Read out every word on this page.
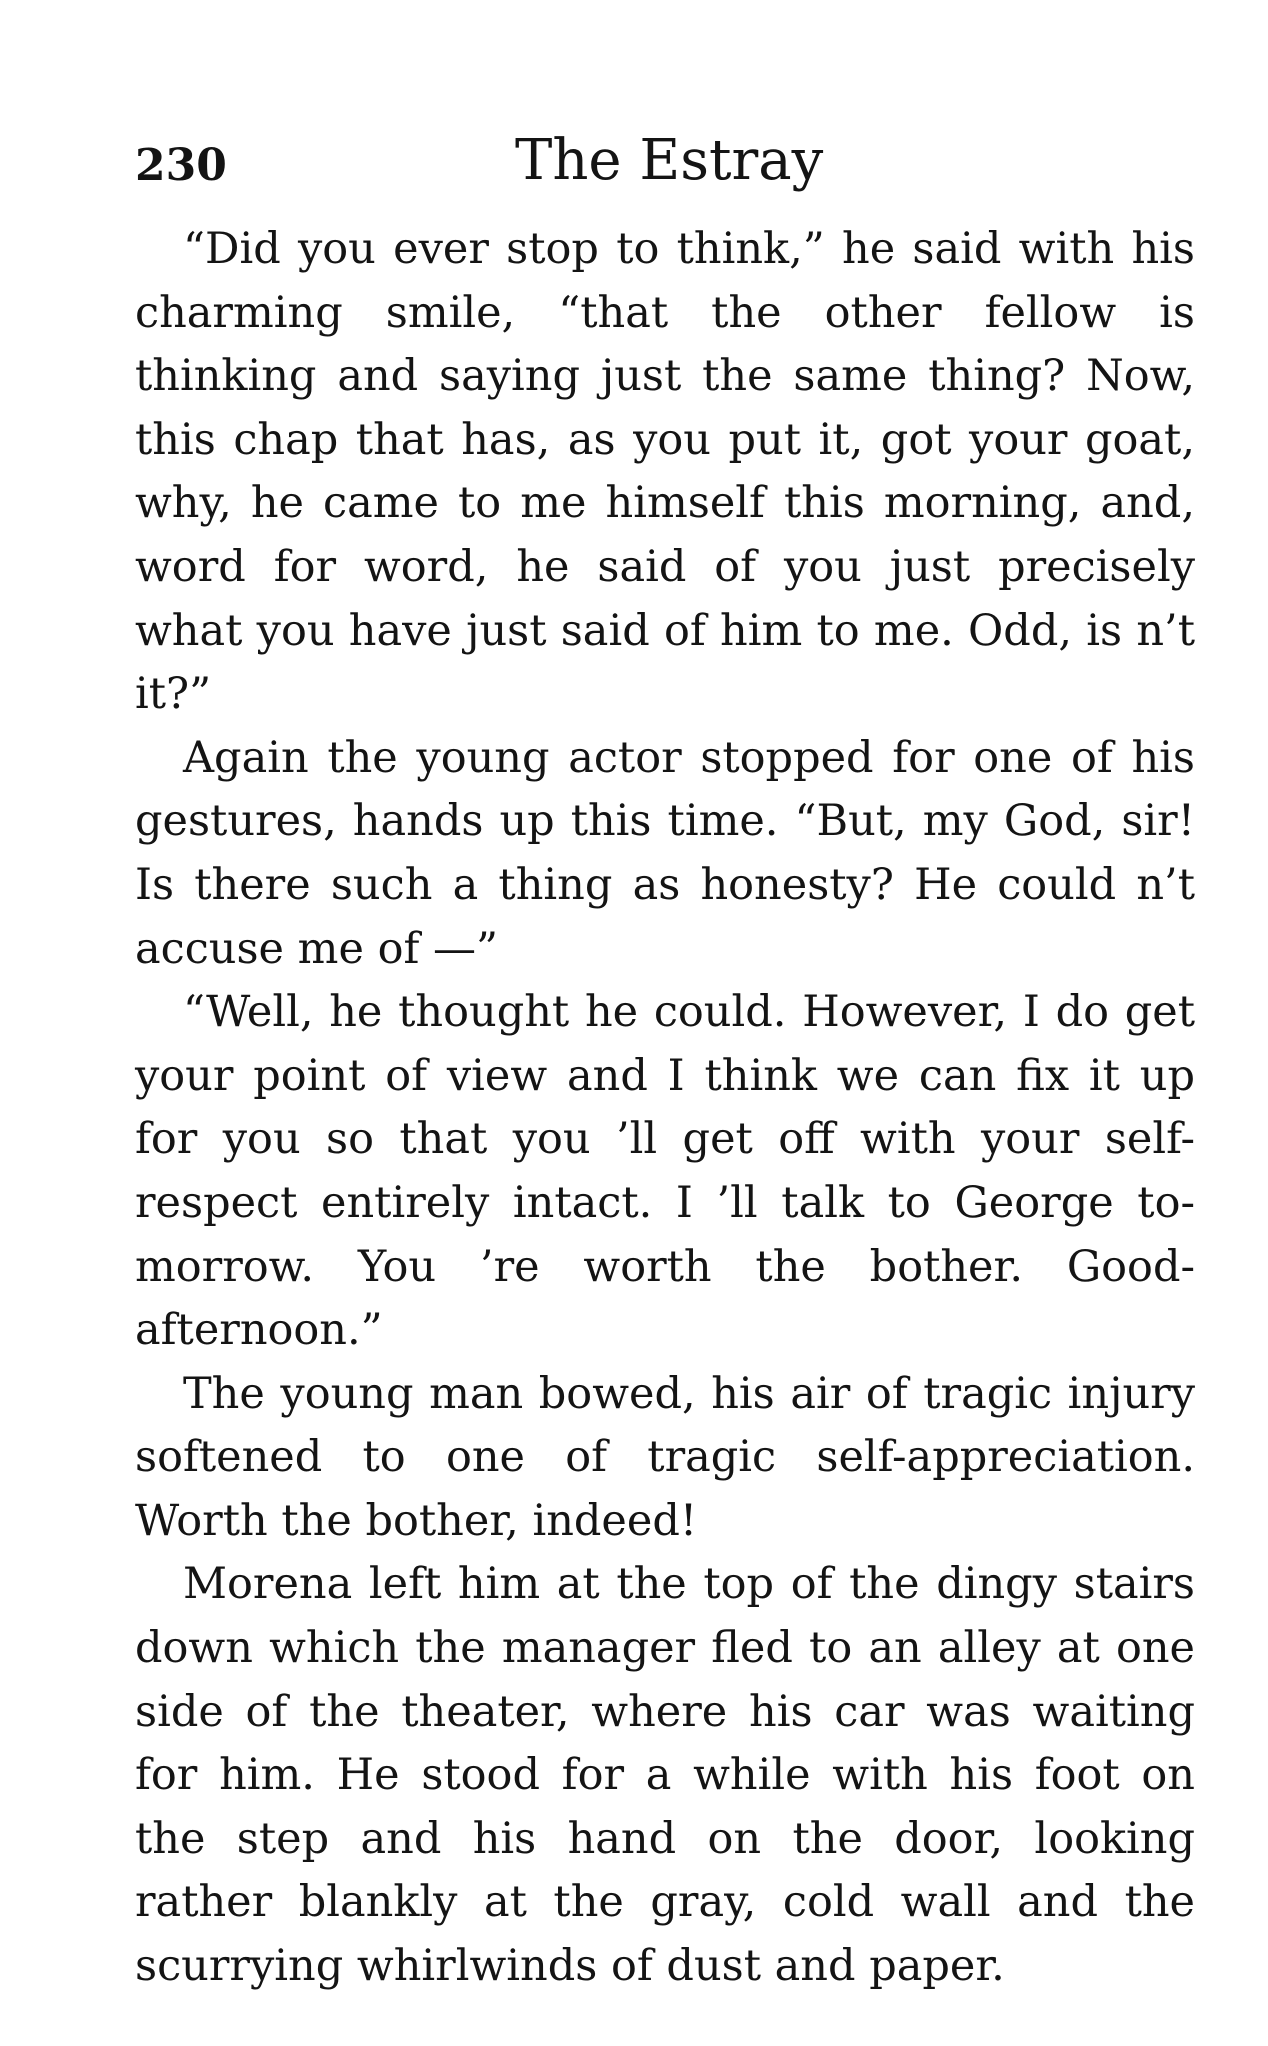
230	The Estray

“Did you ever stop to think,” he said with his charming smile, “that the other fellow is thinking and saying just the same thing? Now, this chap that has, as you put it, got your goat, why, he came to me himself this morning, and, word for word, he said of you just precisely what you have just said of him to me. Odd, is n’t it?”

Again the young actor stopped for one of his gestures, hands up this time. “But, my God, sir! Is there such a thing as honesty? He could n’t accuse me of —”

“Well, he thought he could. However, I do get your point of view and I think we can fix it up for you so that you ’ll get off with your self-respect entirely intact. I ’ll talk to George to-morrow. You ’re worth the bother. Good-afternoon.”

The young man bowed, his air of tragic injury softened to one of tragic self-appreciation. Worth the bother, indeed!

Morena left him at the top of the dingy stairs down which the manager fled to an alley at one side of the theater, where his car was waiting for him. He stood for a while with his foot on the step and his hand on the door, looking rather blankly at the gray, cold wall and the scurrying whirlwinds of dust and paper.
